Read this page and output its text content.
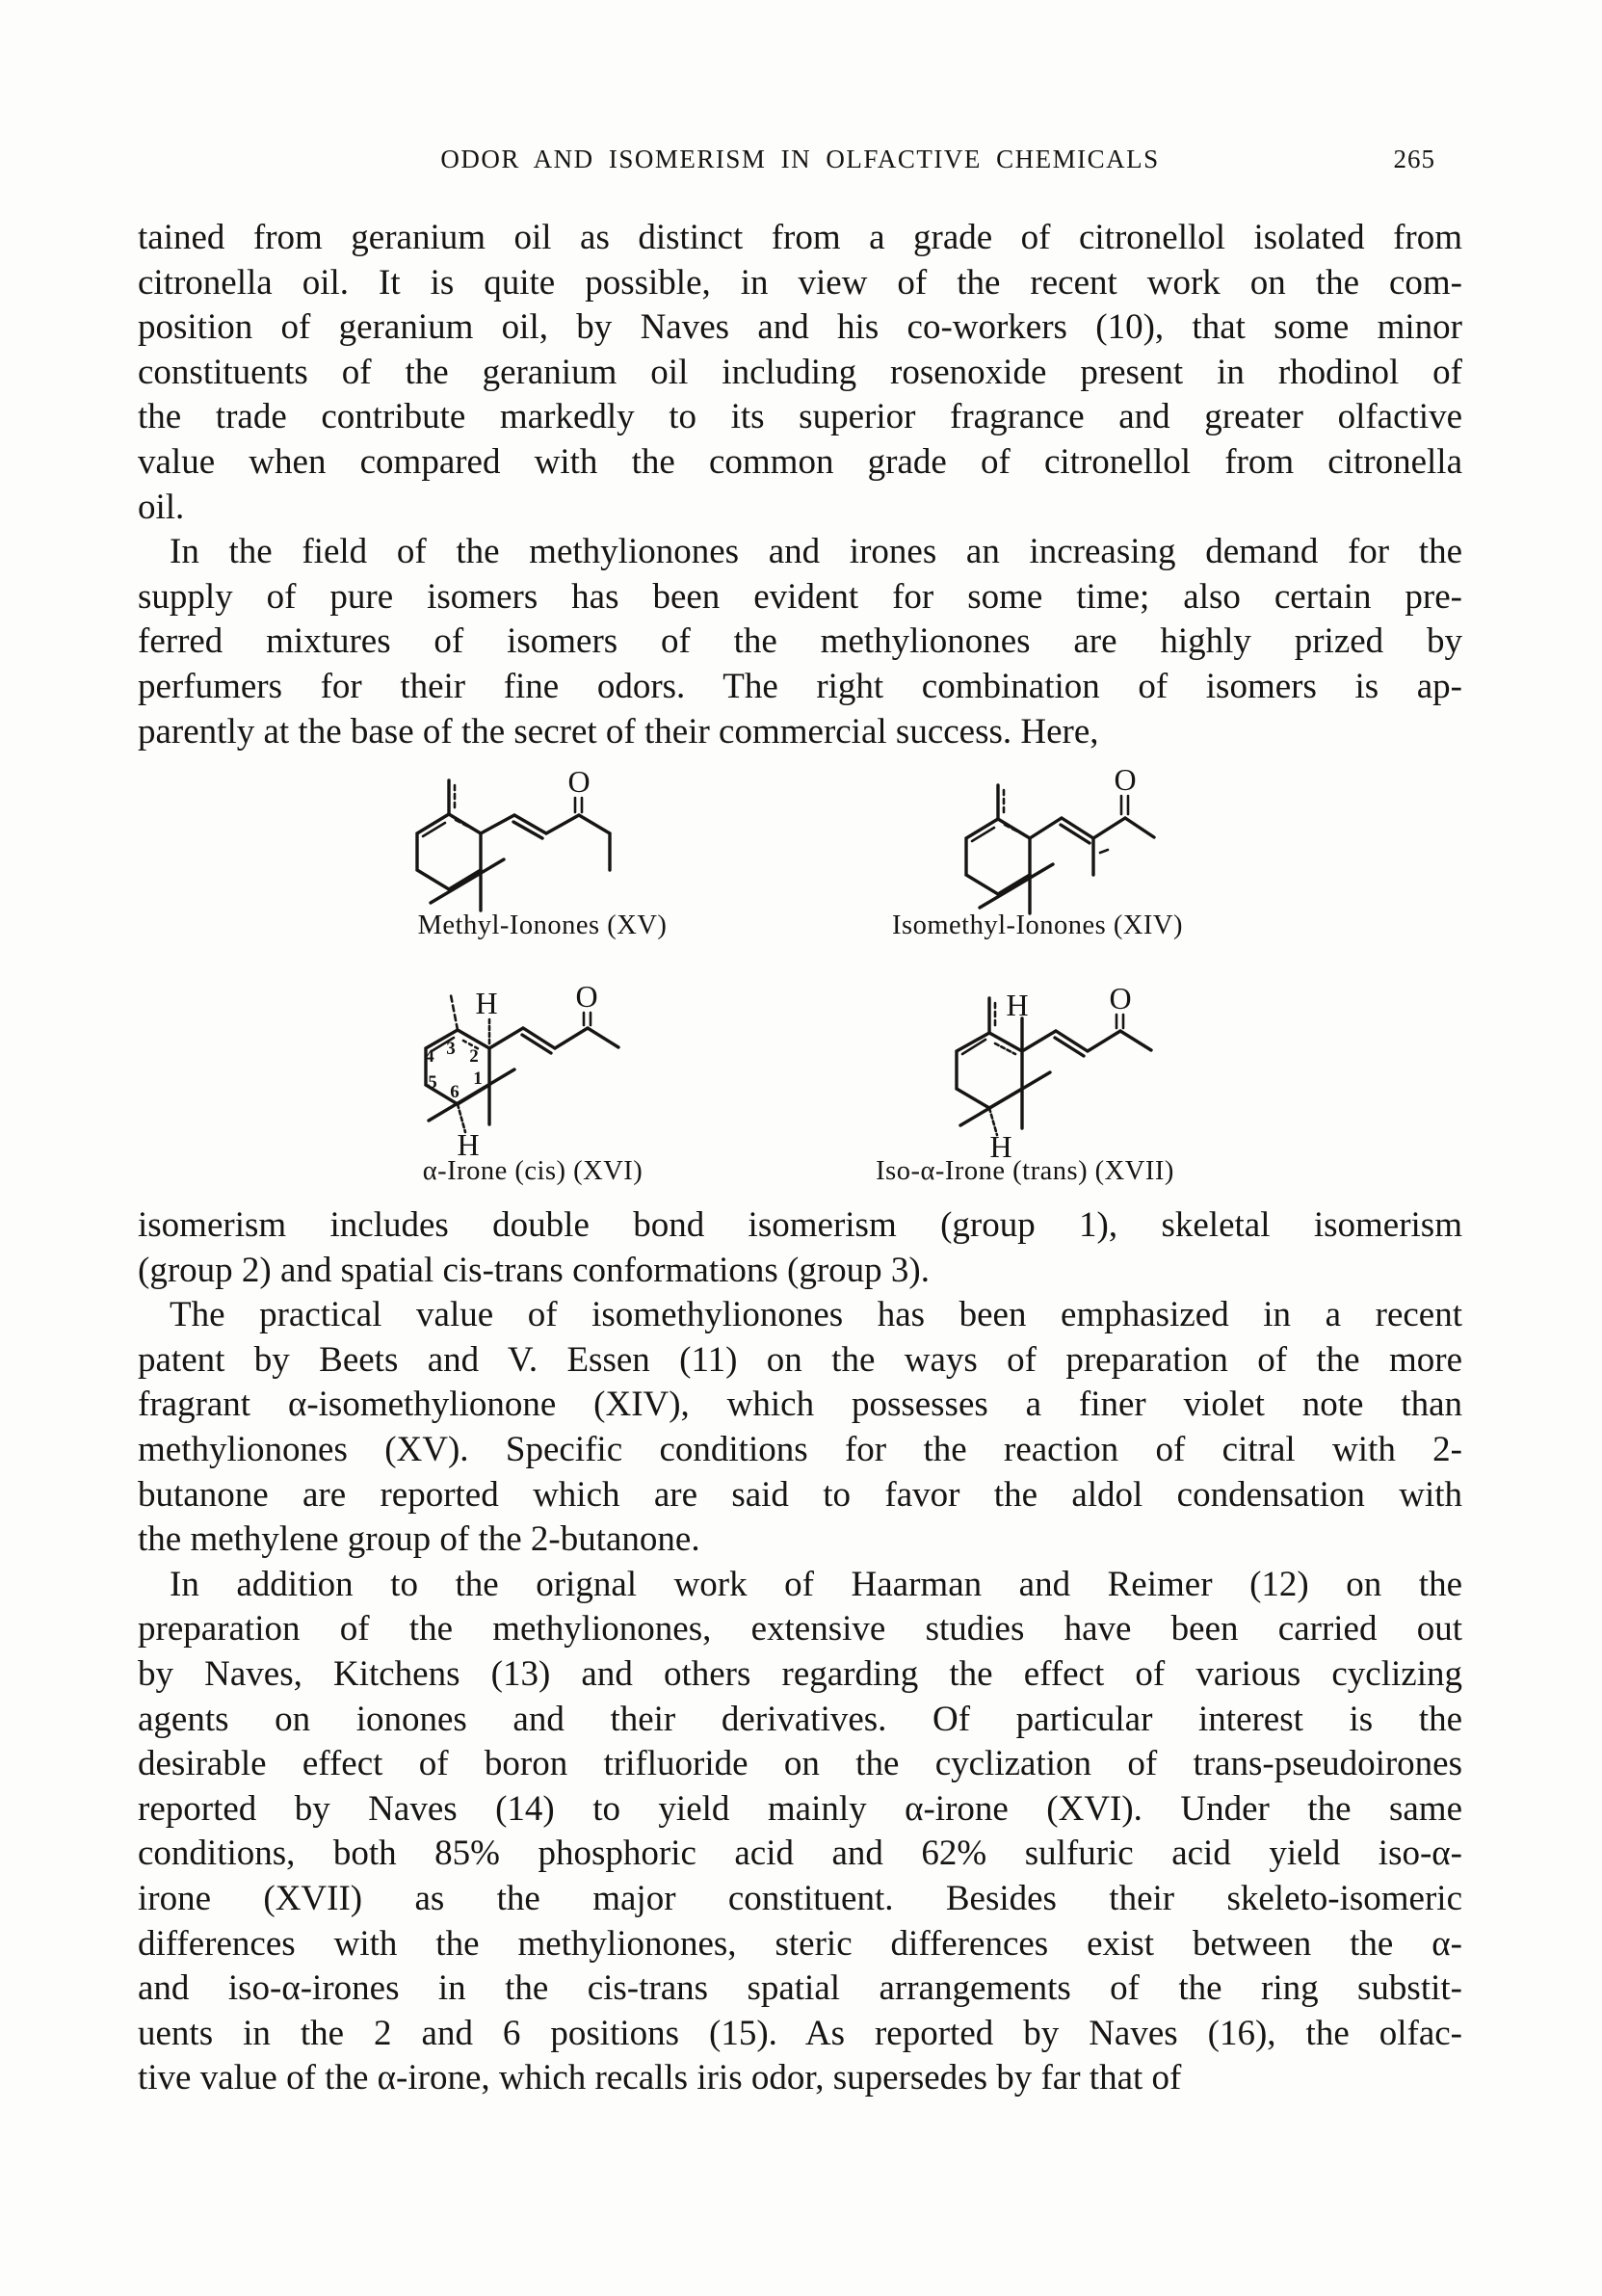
ODOR AND ISOMERISM IN OLFACTIVE CHEMICALS	265
tained from geranium oil as distinct from a grade of citronellol isolated from
citronella oil. It is quite possible, in view of the recent work on the com-
position of geranium oil, by Naves and his co-workers (10), that some minor
constituents of the geranium oil including rosenoxide present in rhodinol of
the trade contribute markedly to its superior fragrance and greater olfactive
value when compared with the common grade of citronellol from citronella
oil.
In the field of the methylionones and irones an increasing demand for the
supply of pure isomers has been evident for some time; also certain pre-
ferred mixtures of isomers of the methylionones are highly prized by
perfumers for their fine odors. The right combination of isomers is ap-
parently at the base of the secret of their commercial success. Here,
O	O
O
H
H
4 3 2
5 6
1
O
H
H
Methyl-Ionones (XV)	Isomethyl-Ionones (XIV)
α-Irone (cis) (XVI)	Iso-α-Irone (trans) (XVII)
isomerism includes double bond isomerism (group 1), skeletal isomerism
(group 2) and spatial cis-trans conformations (group 3).
The practical value of isomethylionones has been emphasized in a recent
patent by Beets and V. Essen (11) on the ways of preparation of the more
fragrant α-isomethylionone (XIV), which possesses a finer violet note than
methylionones (XV). Specific conditions for the reaction of citral with 2-
butanone are reported which are said to favor the aldol condensation with
the methylene group of the 2-butanone.
In addition to the orignal work of Haarman and Reimer (12) on the
preparation of the methylionones, extensive studies have been carried out
by Naves, Kitchens (13) and others regarding the effect of various cyclizing
agents on ionones and their derivatives. Of particular interest is the
desirable effect of boron trifluoride on the cyclization of trans-pseudoirones
reported by Naves (14) to yield mainly α-irone (XVI). Under the same
conditions, both 85% phosphoric acid and 62% sulfuric acid yield iso-α-
irone (XVII) as the major constituent. Besides their skeleto-isomeric
differences with the methylionones, steric differences exist between the α-
and iso-α-irones in the cis-trans spatial arrangements of the ring substit-
uents in the 2 and 6 positions (15). As reported by Naves (16), the olfac-
tive value of the α-irone, which recalls iris odor, supersedes by far that of
